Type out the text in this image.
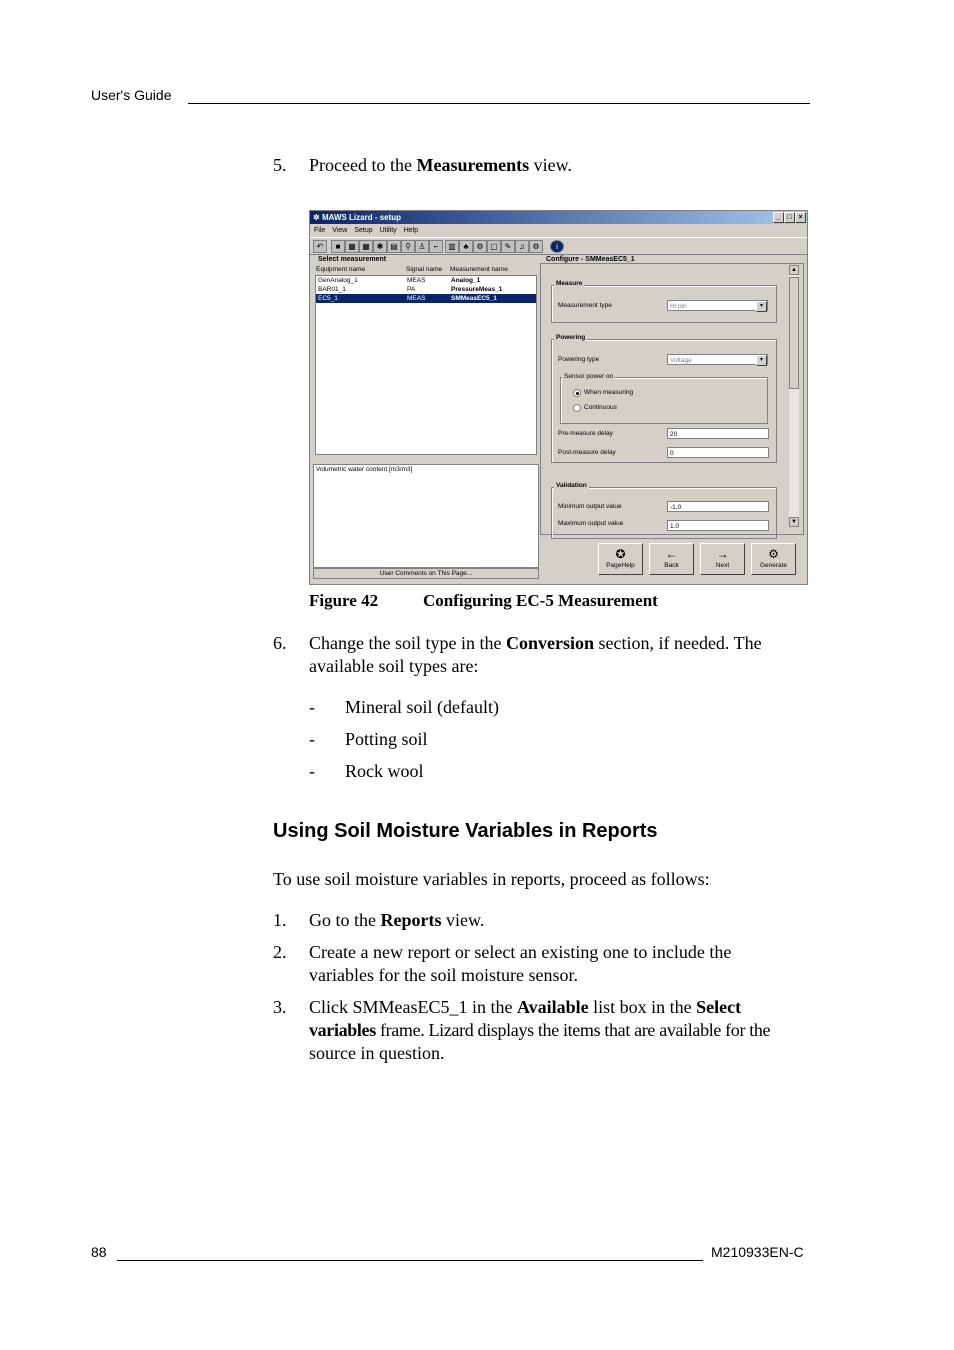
User's Guide
5. Proceed to the Measurements view.
✲ MAWS Lizard - setup	_ □ ×
File View Setup Utility Help
↶	■ ▦ ▦ ✱ ▤ ⚲ ♙	⌐	▥ ♣ ⚙ ▢ ✎ ♫ ⚙	i
Select measurement
Equipment name	Signal name Measurement name
GenAnalog_1	MEAS	Analog_1
BAR01_1	PA	PressureMeas_1
EC5_1	MEAS	SMMeasEC5_1
Volumetric water content [m3/m3]
User Comments on This Page...
Configure - SMMeasEC5_1
Measure
Measurement type	Hi pin	▾
Powering
Powering type	Voltage	▾
Sensor power on
When measuring
Continuous
Pre-measure delay	20
Post-measure delay	0
Validation
Minimum output value	-1.0
Maximum output value	1.0
▲
▼
✪
PageHelp
←
Back
→
Next
⚙
Generate
Figure 42	Configuring EC-5 Measurement
6. Change the soil type in the Conversion section, if needed. The
available soil types are:
- Mineral soil (default)
- Potting soil
- Rock wool
Using Soil Moisture Variables in Reports
To use soil moisture variables in reports, proceed as follows:
1. Go to the Reports view.
2. Create a new report or select an existing one to include the
variables for the soil moisture sensor.
3. Click SMMeasEC5_1 in the Available list box in the Select
variables frame. Lizard displays the items that are available for the
source in question.
88	M210933EN-C
